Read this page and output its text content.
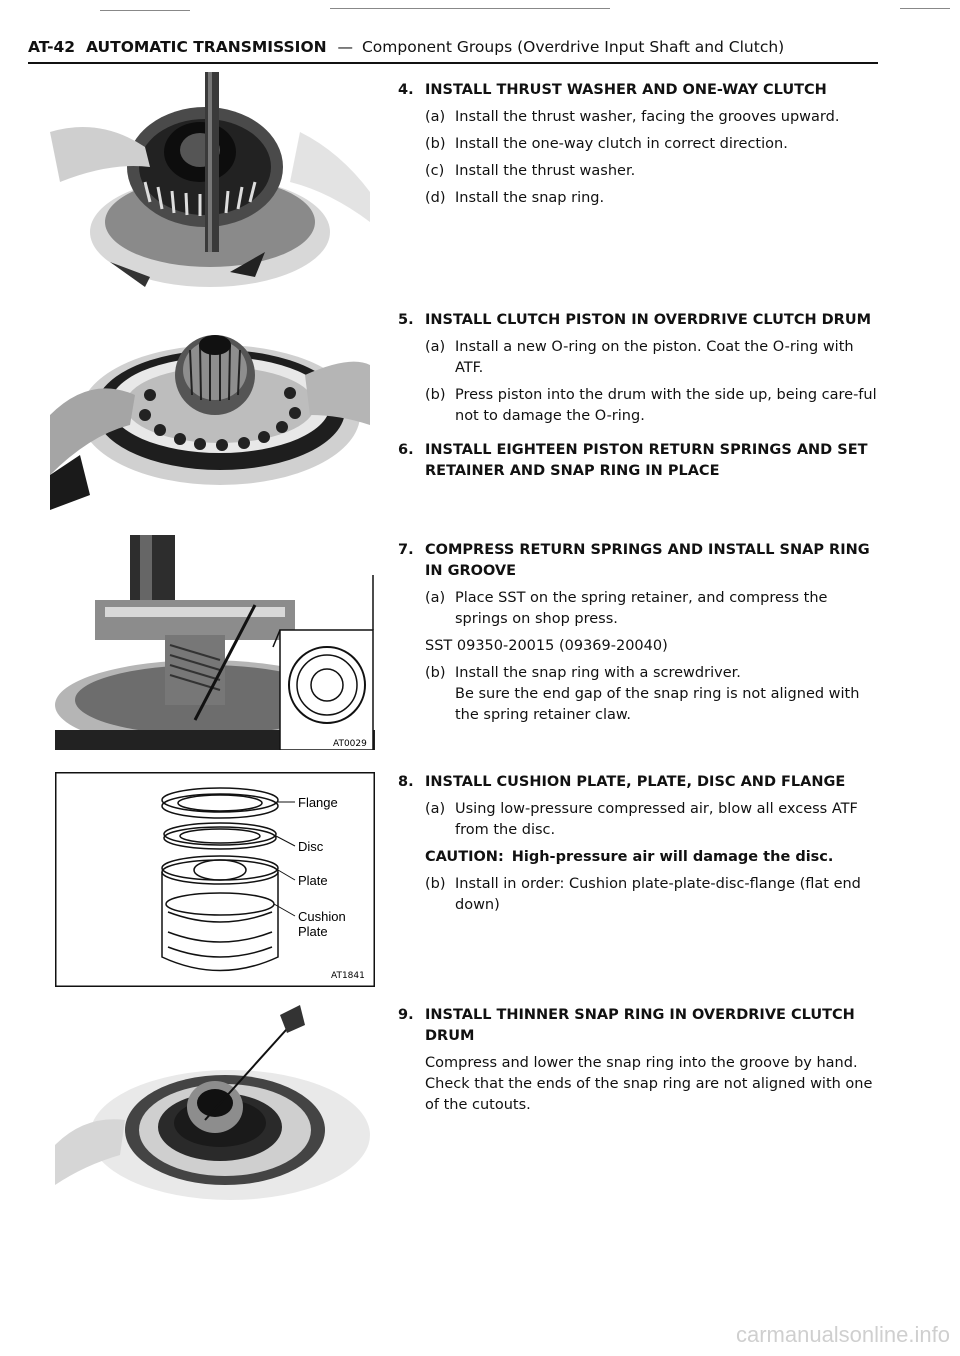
AT-42 AUTOMATIC TRANSMISSION — Component Groups (Overdrive Input Shaft and Clutch)
AT0029
Flange
Disc
Plate
Cushion
Plate
AT1841
4. INSTALL THRUST WASHER AND ONE-WAY CLUTCH
(a) Install the thrust washer, facing the grooves upward.
(b) Install the one-way clutch in correct direction.
(c) Install the thrust washer.
(d) Install the snap ring.
5. INSTALL CLUTCH PISTON IN OVERDRIVE CLUTCH DRUM
(a) Install a new O-ring on the piston. Coat the O-ring with ATF.
(b) Press piston into the drum with the side up, being care-ful not to damage the O-ring.
6. INSTALL EIGHTEEN PISTON RETURN SPRINGS AND SET RETAINER AND SNAP RING IN PLACE
7. COMPRESS RETURN SPRINGS AND INSTALL SNAP RING IN GROOVE
(a) Place SST on the spring retainer, and compress the springs on shop press.
SST 09350-20015 (09369-20040)
(b) Install the snap ring with a screwdriver.
Be sure the end gap of the snap ring is not aligned with the spring retainer claw.
8. INSTALL CUSHION PLATE, PLATE, DISC AND FLANGE
(a) Using low-pressure compressed air, blow all excess ATF from the disc.
CAUTION: High-pressure air will damage the disc.
(b) Install in order: Cushion plate-plate-disc-flange (flat end down)
9. INSTALL THINNER SNAP RING IN OVERDRIVE CLUTCH DRUM
Compress and lower the snap ring into the groove by hand. Check that the ends of the snap ring are not aligned with one of the cutouts.
carmanualsonline.info
